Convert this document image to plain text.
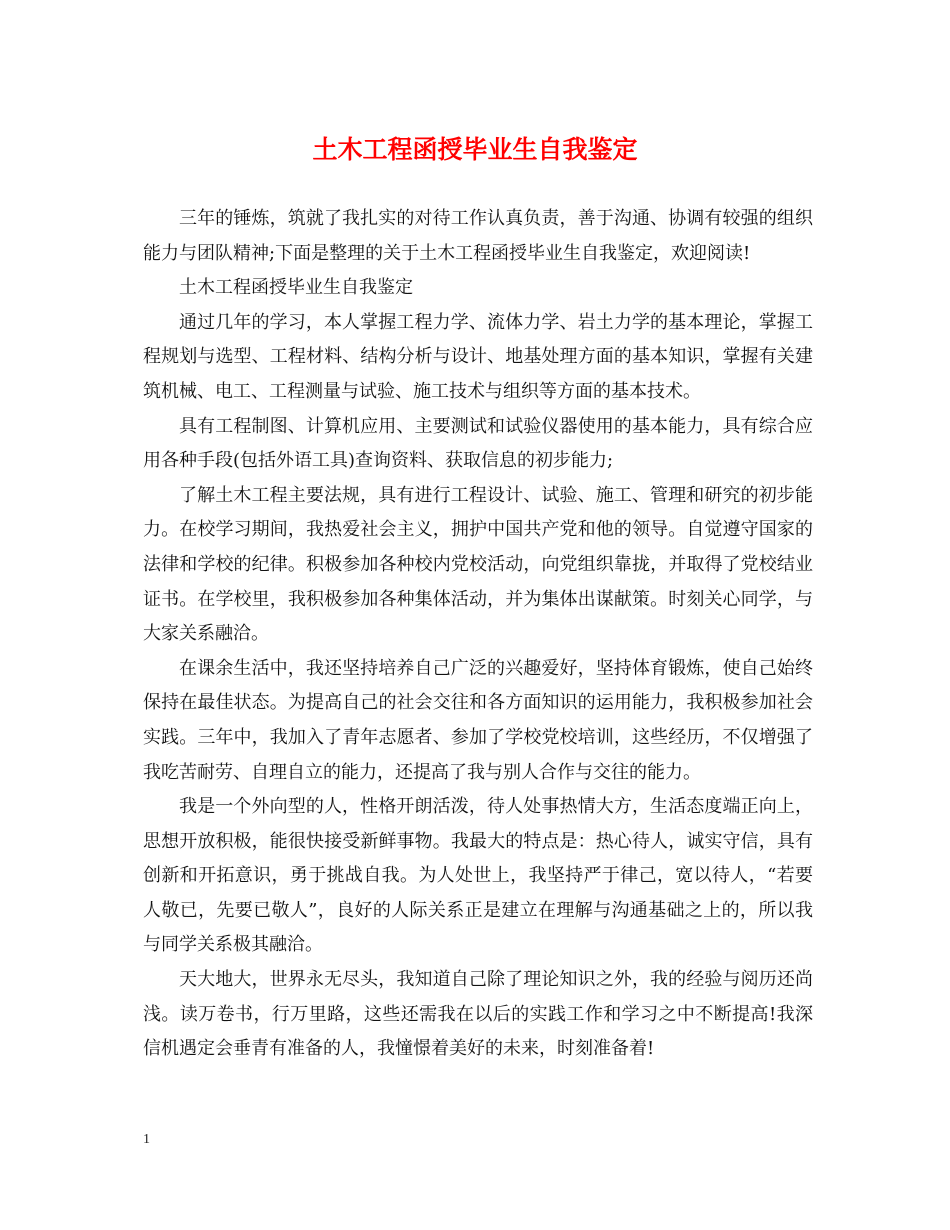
土木工程函授毕业生自我鉴定

三年的锤炼，筑就了我扎实的对待工作认真负责，善于沟通、协调有较强的组织能力与团队精神;下面是整理的关于土木工程函授毕业生自我鉴定，欢迎阅读!

土木工程函授毕业生自我鉴定

通过几年的学习，本人掌握工程力学、流体力学、岩土力学的基本理论，掌握工程规划与选型、工程材料、结构分析与设计、地基处理方面的基本知识，掌握有关建筑机械、电工、工程测量与试验、施工技术与组织等方面的基本技术。

具有工程制图、计算机应用、主要测试和试验仪器使用的基本能力，具有综合应用各种手段(包括外语工具)查询资料、获取信息的初步能力;

了解土木工程主要法规，具有进行工程设计、试验、施工、管理和研究的初步能力。在校学习期间，我热爱社会主义，拥护中国共产党和他的领导。自觉遵守国家的法律和学校的纪律。积极参加各种校内党校活动，向党组织靠拢，并取得了党校结业证书。在学校里，我积极参加各种集体活动，并为集体出谋献策。时刻关心同学，与大家关系融洽。

在课余生活中，我还坚持培养自己广泛的兴趣爱好，坚持体育锻炼，使自己始终保持在最佳状态。为提高自己的社会交往和各方面知识的运用能力，我积极参加社会实践。三年中，我加入了青年志愿者、参加了学校党校培训，这些经历，不仅增强了我吃苦耐劳、自理自立的能力，还提高了我与别人合作与交往的能力。

我是一个外向型的人，性格开朗活泼，待人处事热情大方，生活态度端正向上，思想开放积极，能很快接受新鲜事物。我最大的特点是：热心待人，诚实守信，具有创新和开拓意识，勇于挑战自我。为人处世上，我坚持严于律己，宽以待人，“若要人敬已，先要已敬人”，良好的人际关系正是建立在理解与沟通基础之上的，所以我与同学关系极其融洽。

天大地大，世界永无尽头，我知道自己除了理论知识之外，我的经验与阅历还尚浅。读万卷书，行万里路，这些还需我在以后的实践工作和学习之中不断提高!我深信机遇定会垂青有准备的人，我憧憬着美好的未来，时刻准备着!

1
